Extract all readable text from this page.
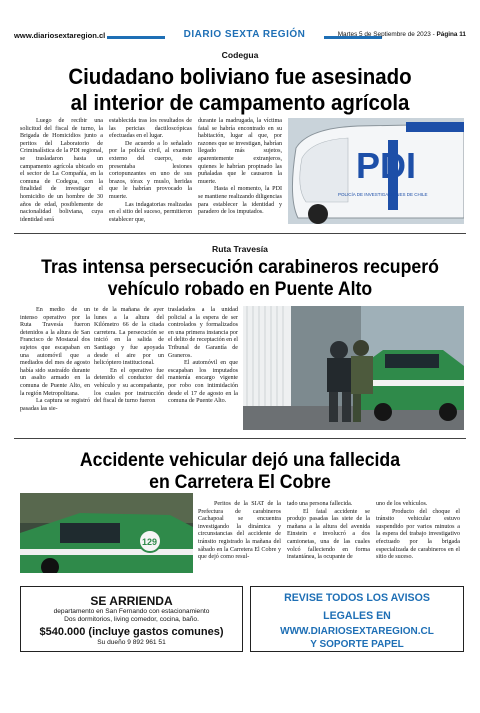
www.diariosextaregion.cl	DIARIO SEXTA REGIÓN	Martes 5 de Septiembre de 2023 - Página 11
Codegua
Ciudadano boliviano fue asesinado
al interior de campamento agrícola

Luego de recibir una solicitud del fiscal de turno, la Brigada de Homicidios junto a peritos del Laboratorio de Criminalística de la PDI regional, se trasladaron hasta un campamento agrícola ubicado en el sector de La Compañía, en la comuna de Codegua, con la finalidad de investigar el homicidio de un hombre de 30 años de edad, posiblemente de nacionalidad boliviana, cuya identidad será

establecida tras los resultados de las pericias dactiloscópicas efectuadas en el lugar.

De acuerdo a lo señalado por la policía civil, al examen externo del cuerpo, este presentaba lesiones cortopunzantes en uno de sus brazos, tórax y muslo, heridas que le habrían provocado la muerte.

Las indagatorias realizadas en el sitio del suceso, permitieron establecer que,

durante la madrugada, la víctima fatal se habría encontrado en su habitación, lugar al que, por razones que se investigan, habrían llegado más sujetos, aparentemente extranjeros, quienes le habrían propinado las puñaladas que le causaron la muerte.

Hasta el momento, la PDI se mantiene realizando diligencias para establecer la identidad y paradero de los imputados.

PDI
POLICÍA DE INVESTIGACIONES DE CHILE
Ruta Travesía
Tras intensa persecución carabineros recuperó
vehículo robado en Puente Alto

En medio de un intenso operativo por la Ruta Travesía fueron detenidos a la altura de San Francisco de Mostazal dos sujetos que escapaban en una automóvil que a mediados del mes de agosto había sido sustraído durante un asalto armado en la comuna de Puente Alto, en la región Metropolitana.

La captura se registró pasadas las sie-

te de la mañana de ayer lunes a la altura del Kilómetro 66 de la citada carretera. La persecución se inició en la salida de Santiago y fue apoyada desde el aire por un helicóptero institucional.

En el operativo fue detenido el conductor del vehículo y su acompañante, los cuales por instrucción del fiscal de turno fueron

trasladados a la unidad policial a la espera de ser controlados y formalizados en una primera instancia por el delito de receptación en el Tribunal de Garantía de Graneros.

El automóvil en que escapaban los imputados mantenía encargo vigente por robo con intimidación desde el 17 de agosto en la comuna de Puente Alto.

Accidente vehicular dejó una fallecida
en Carretera El Cobre
129

Peritos de la SIAT de la Prefectura de carabineros Cachapoal se encuentra investigando la dinámica y circunstancias del accidente de tránsito registrado la mañana del sábado en la Carretera El Cobre y que dejó como resul-

tado una persona fallecida.

El fatal accidente se produjo pasadas las siete de la mañana a la altura del avenida Einstein e involucró a dos camionetas, una de las cuales volcó falleciendo en forma instantánea, la ocupante de

uno de los vehículos.

Producto del choque el tránsito vehicular estuvo suspendido por varios minutos a la espera del trabajo investigativo efectuado por la brigada especializada de carabineros en el sitio de suceso.

SE ARRIENDA
departamento en San Fernando con estacionamiento
Dos dormitorios, living comedor, cocina, baño.
$540.000 (incluye gastos comunes)
Su dueño 9 892 961 51
REVISE TODOS LOS AVISOS
LEGALES EN
WWW.DIARIOSEXTAREGION.CL
Y SOPORTE PAPEL
